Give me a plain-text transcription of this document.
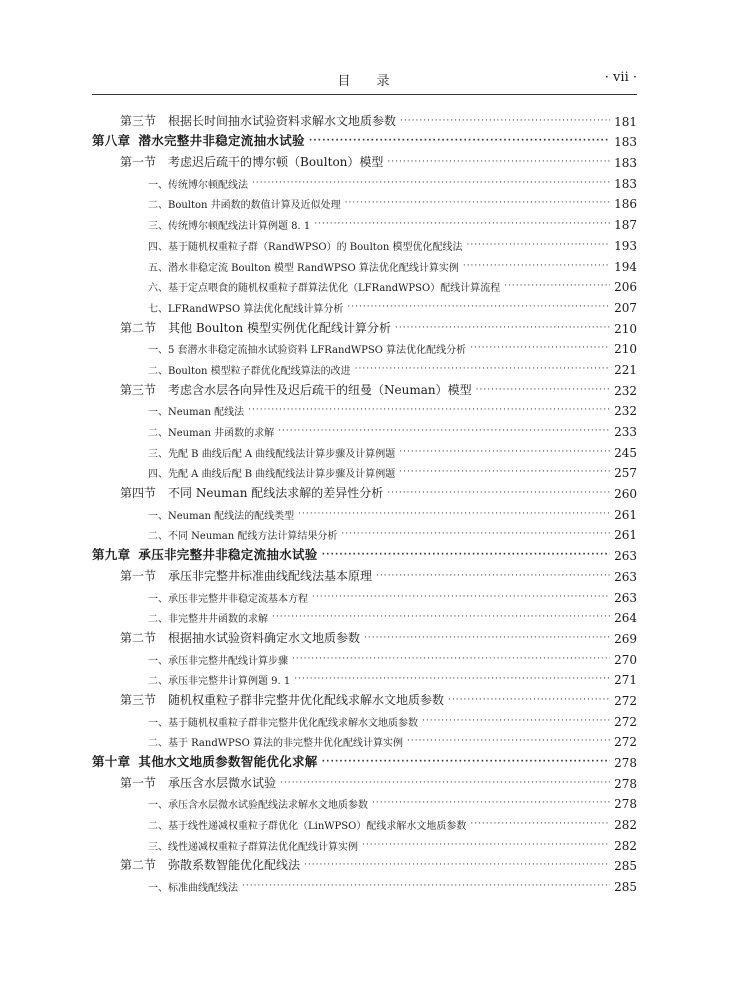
目 录	· vii ·
第三节 根据长时间抽水试验资料求解水文地质参数 ·····	181
第八章 潜水完整井非稳定流抽水试验 ·····	183
第一节 考虑迟后疏干的博尔顿（Boulton）模型 ·····	183
一、传统博尔顿配线法 ·····	183
二、Boulton 井函数的数值计算及近似处理 ·····	186
三、传统博尔顿配线法计算例题 8. 1 ·····	187
四、基于随机权重粒子群（RandWPSO）的 Boulton 模型优化配线法 ·····	193
五、潜水非稳定流 Boulton 模型 RandWPSO 算法优化配线计算实例 ·····	194
六、基于定点喂食的随机权重粒子群算法优化（LFRandWPSO）配线计算流程 ·····	206
七、LFRandWPSO 算法优化配线计算分析 ·····	207
第二节 其他 Boulton 模型实例优化配线计算分析 ·····	210
一、5 套潜水非稳定流抽水试验资料 LFRandWPSO 算法优化配线分析 ·····	210
二、Boulton 模型粒子群优化配线算法的改进 ·····	221
第三节 考虑含水层各向异性及迟后疏干的纽曼（Neuman）模型 ·····	232
一、Neuman 配线法 ·····	232
二、Neuman 井函数的求解 ·····	233
三、先配 B 曲线后配 A 曲线配线法计算步骤及计算例题 ·····	245
四、先配 A 曲线后配 B 曲线配线法计算步骤及计算例题 ·····	257
第四节 不同 Neuman 配线法求解的差异性分析 ·····	260
一、Neuman 配线法的配线类型 ·····	261
二、不同 Neuman 配线方法计算结果分析 ·····	261
第九章 承压非完整井非稳定流抽水试验 ·····	263
第一节 承压非完整井标准曲线配线法基本原理 ·····	263
一、承压非完整井非稳定流基本方程 ·····	263
二、非完整井井函数的求解 ·····	264
第二节 根据抽水试验资料确定水文地质参数 ·····	269
一、承压非完整井配线计算步骤 ·····	270
二、承压非完整井计算例题 9. 1 ·····	271
第三节 随机权重粒子群非完整井优化配线求解水文地质参数 ·····	272
一、基于随机权重粒子群非完整井优化配线求解水文地质参数 ·····	272
二、基于 RandWPSO 算法的非完整井优化配线计算实例 ·····	272
第十章 其他水文地质参数智能优化求解 ·····	278
第一节 承压含水层微水试验 ·····	278
一、承压含水层微水试验配线法求解水文地质参数 ·····	278
二、基于线性递减权重粒子群优化（LinWPSO）配线求解水文地质参数 ·····	282
三、线性递减权重粒子群算法优化配线计算实例 ·····	282
第二节 弥散系数智能优化配线法 ·····	285
一、标准曲线配线法 ·····	285
